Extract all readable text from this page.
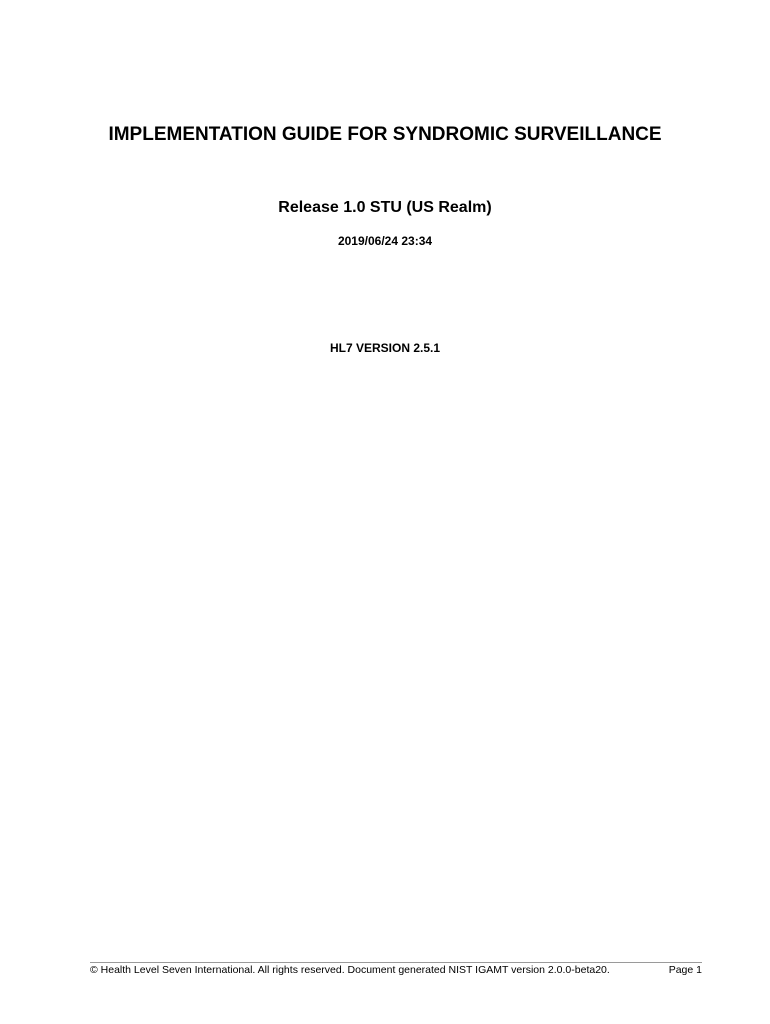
IMPLEMENTATION GUIDE FOR SYNDROMIC SURVEILLANCE
Release 1.0 STU (US Realm)
2019/06/24 23:34
HL7 VERSION 2.5.1
© Health Level Seven International. All rights reserved. Document generated NIST IGAMT version 2.0.0-beta20.	Page 1
